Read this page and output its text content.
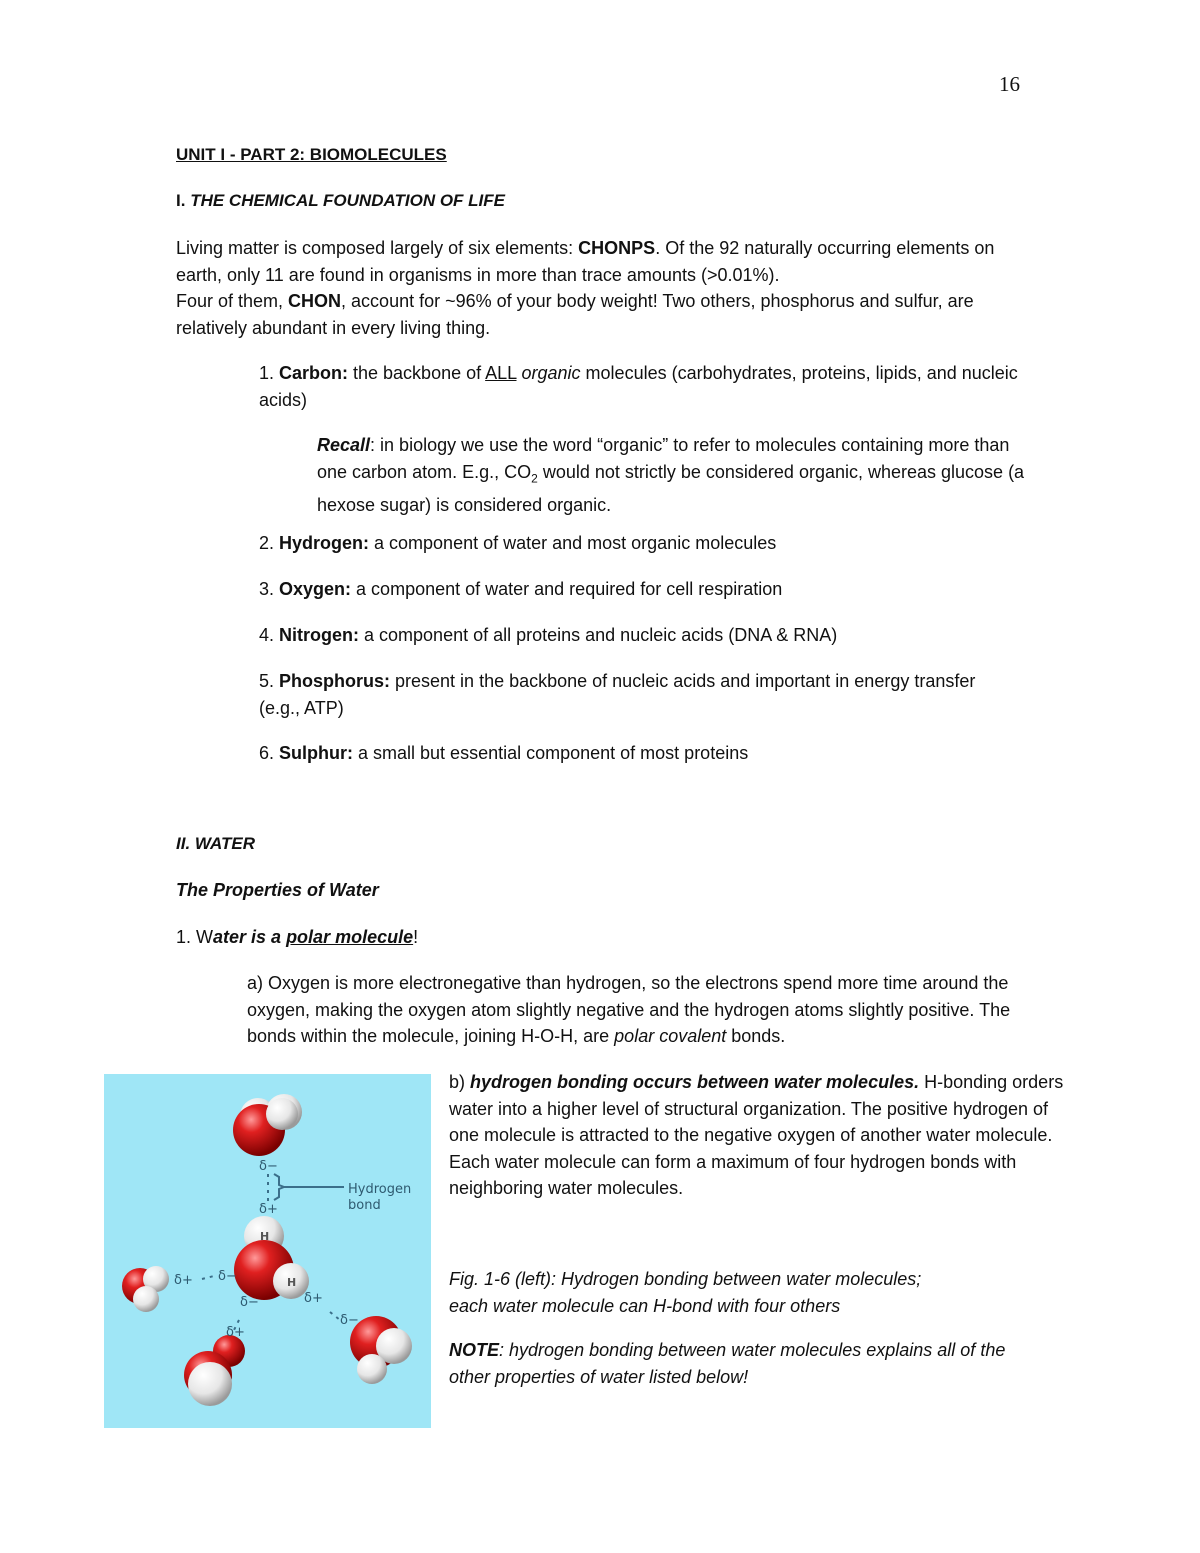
16
UNIT I - PART 2: BIOMOLECULES
I. THE CHEMICAL FOUNDATION OF LIFE
Living matter is composed largely of six elements: CHONPS. Of the 92 naturally occurring elements on earth, only 11 are found in organisms in more than trace amounts (>0.01%).
Four of them, CHON, account for ~96% of your body weight! Two others, phosphorus and sulfur, are relatively abundant in every living thing.
1. Carbon: the backbone of ALL organic molecules (carbohydrates, proteins, lipids, and nucleic acids)
Recall: in biology we use the word “organic” to refer to molecules containing more than one carbon atom. E.g., $CO_2$ would not strictly be considered organic, whereas glucose (a hexose sugar) is considered organic.
2. Hydrogen: a component of water and most organic molecules
3. Oxygen: a component of water and required for cell respiration
4. Nitrogen: a component of all proteins and nucleic acids (DNA & RNA)
5. Phosphorus: present in the backbone of nucleic acids and important in energy transfer (e.g., ATP)
6. Sulphur: a small but essential component of most proteins
II. WATER
The Properties of Water
1. Water is a polar molecule!
a) Oxygen is more electronegative than hydrogen, so the electrons spend more time around the oxygen, making the oxygen atom slightly negative and the hydrogen atoms slightly positive. The bonds within the molecule, joining H-O-H, are polar covalent bonds.
Hydrogen
bond
δ−
δ+
δ+ δ−
δ−	δ+
δ−
δ+
H
H
b) hydrogen bonding occurs between water molecules. H-bonding orders water into a higher level of structural organization. The positive hydrogen of one molecule is attracted to the negative oxygen of another water molecule. Each water molecule can form a maximum of four hydrogen bonds with neighboring water molecules.
Fig. 1-6 (left): Hydrogen bonding between water molecules;
each water molecule can H-bond with four others
NOTE: hydrogen bonding between water molecules explains all of the other properties of water listed below!
